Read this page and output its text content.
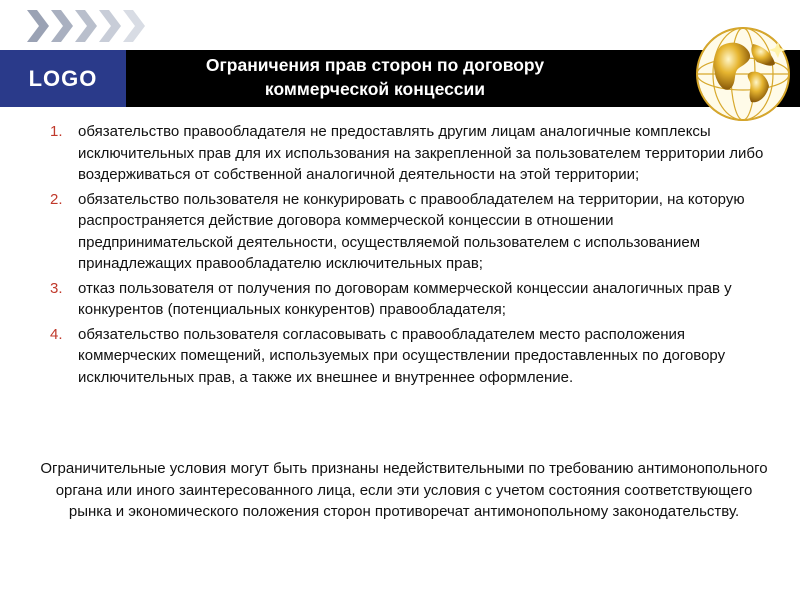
LOGO
Ограничения прав сторон по договору
коммерческой концессии
1. обязательство правообладателя не предоставлять другим лицам аналогичные комплексы исключительных прав для их использования на закрепленной за пользователем территории либо воздерживаться от собственной аналогичной деятельности на этой территории;
2. обязательство пользователя не конкурировать с правообладателем на территории, на которую распространяется действие договора коммерческой концессии в отношении предпринимательской деятельности, осуществляемой пользователем с использованием принадлежащих правообладателю исключительных прав;
3. отказ пользователя от получения по договорам коммерческой концессии аналогичных прав у конкурентов (потенциальных конкурентов) правообладателя;
4. обязательство пользователя согласовывать с правообладателем место расположения коммерческих помещений, используемых при осуществлении предоставленных по договору исключительных прав, а также их внешнее и внутреннее оформление.
Ограничительные условия могут быть признаны недействительными по требованию антимонопольного органа или иного заинтересованного лица, если эти условия с учетом состояния соответствующего рынка и экономического положения сторон противоречат антимонопольному законодательству.
